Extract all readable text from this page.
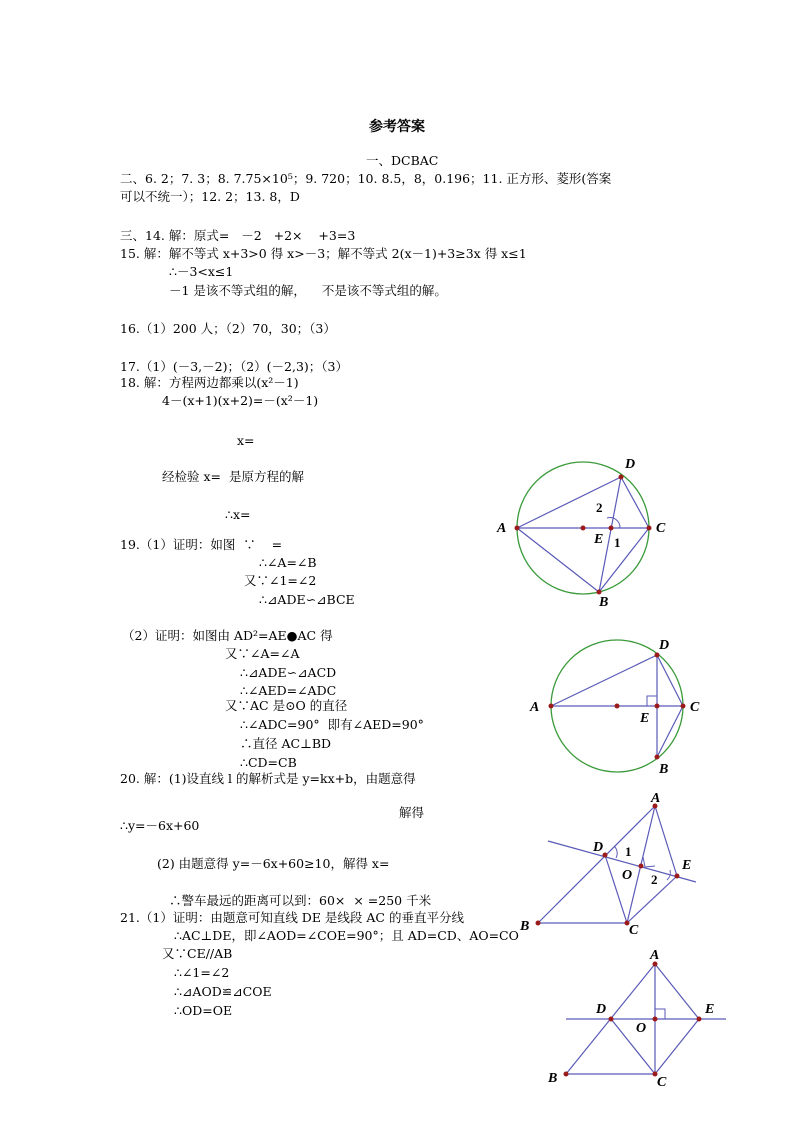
参考答案
一、DCBAC
二、6. 2；7. 3；8. 7.75×10⁵；9. 720；10. 8.5，8，0.196；11. 正方形、菱形(答案
可以不统一）；12. 2；13. 8，D
三、14. 解：原式=   －2   +2×    +3=3
15. 解：解不等式 x+3>0 得 x>－3；解不等式 2(x－1)+3≥3x 得 x≤1
∴－3<x≤1
－1 是该不等式组的解，    不是该不等式组的解。
16.（1）200 人；（2）70，30；（3）
17.（1）(－3,－2)；（2）(－2,3)；（3）
18. 解：方程两边都乘以(x²－1)
4－(x+1)(x+2)=－(x²－1)
x=
经检验 x=  是原方程的解
∴x=
19.（1）证明：如图  ∵    =
∴∠A=∠B
又∵∠1=∠2
∴⊿ADE∽⊿BCE
（2）证明：如图由 AD²=AE●AC 得
又∵∠A=∠A
∴⊿ADE∽⊿ACD
∴∠AED=∠ADC
又∵AC 是⊙O 的直径
∴∠ADC=90°  即有∠AED=90°
∴直径 AC⊥BD
∴CD=CB
20. 解：(1)设直线 l 的解析式是 y=kx+b，由题意得
解得
∴y=－6x+60
(2) 由题意得 y=－6x+60≥10，解得 x=
∴警车最远的距离可以到：60×  × =250 千米
21.（1）证明：由题意可知直线 DE 是线段 AC 的垂直平分线
∴AC⊥DE，即∠AOD=∠COE=90°；且 AD=CD、AO=CO
又∵CE//AB
∴∠1=∠2
∴⊿AOD≌⊿COE
∴OD=OE
A	C
D
B
E
2
1
A	C
D
B
E
A
B	C
D
E
O
1
2
A
B	C
D	E
O
